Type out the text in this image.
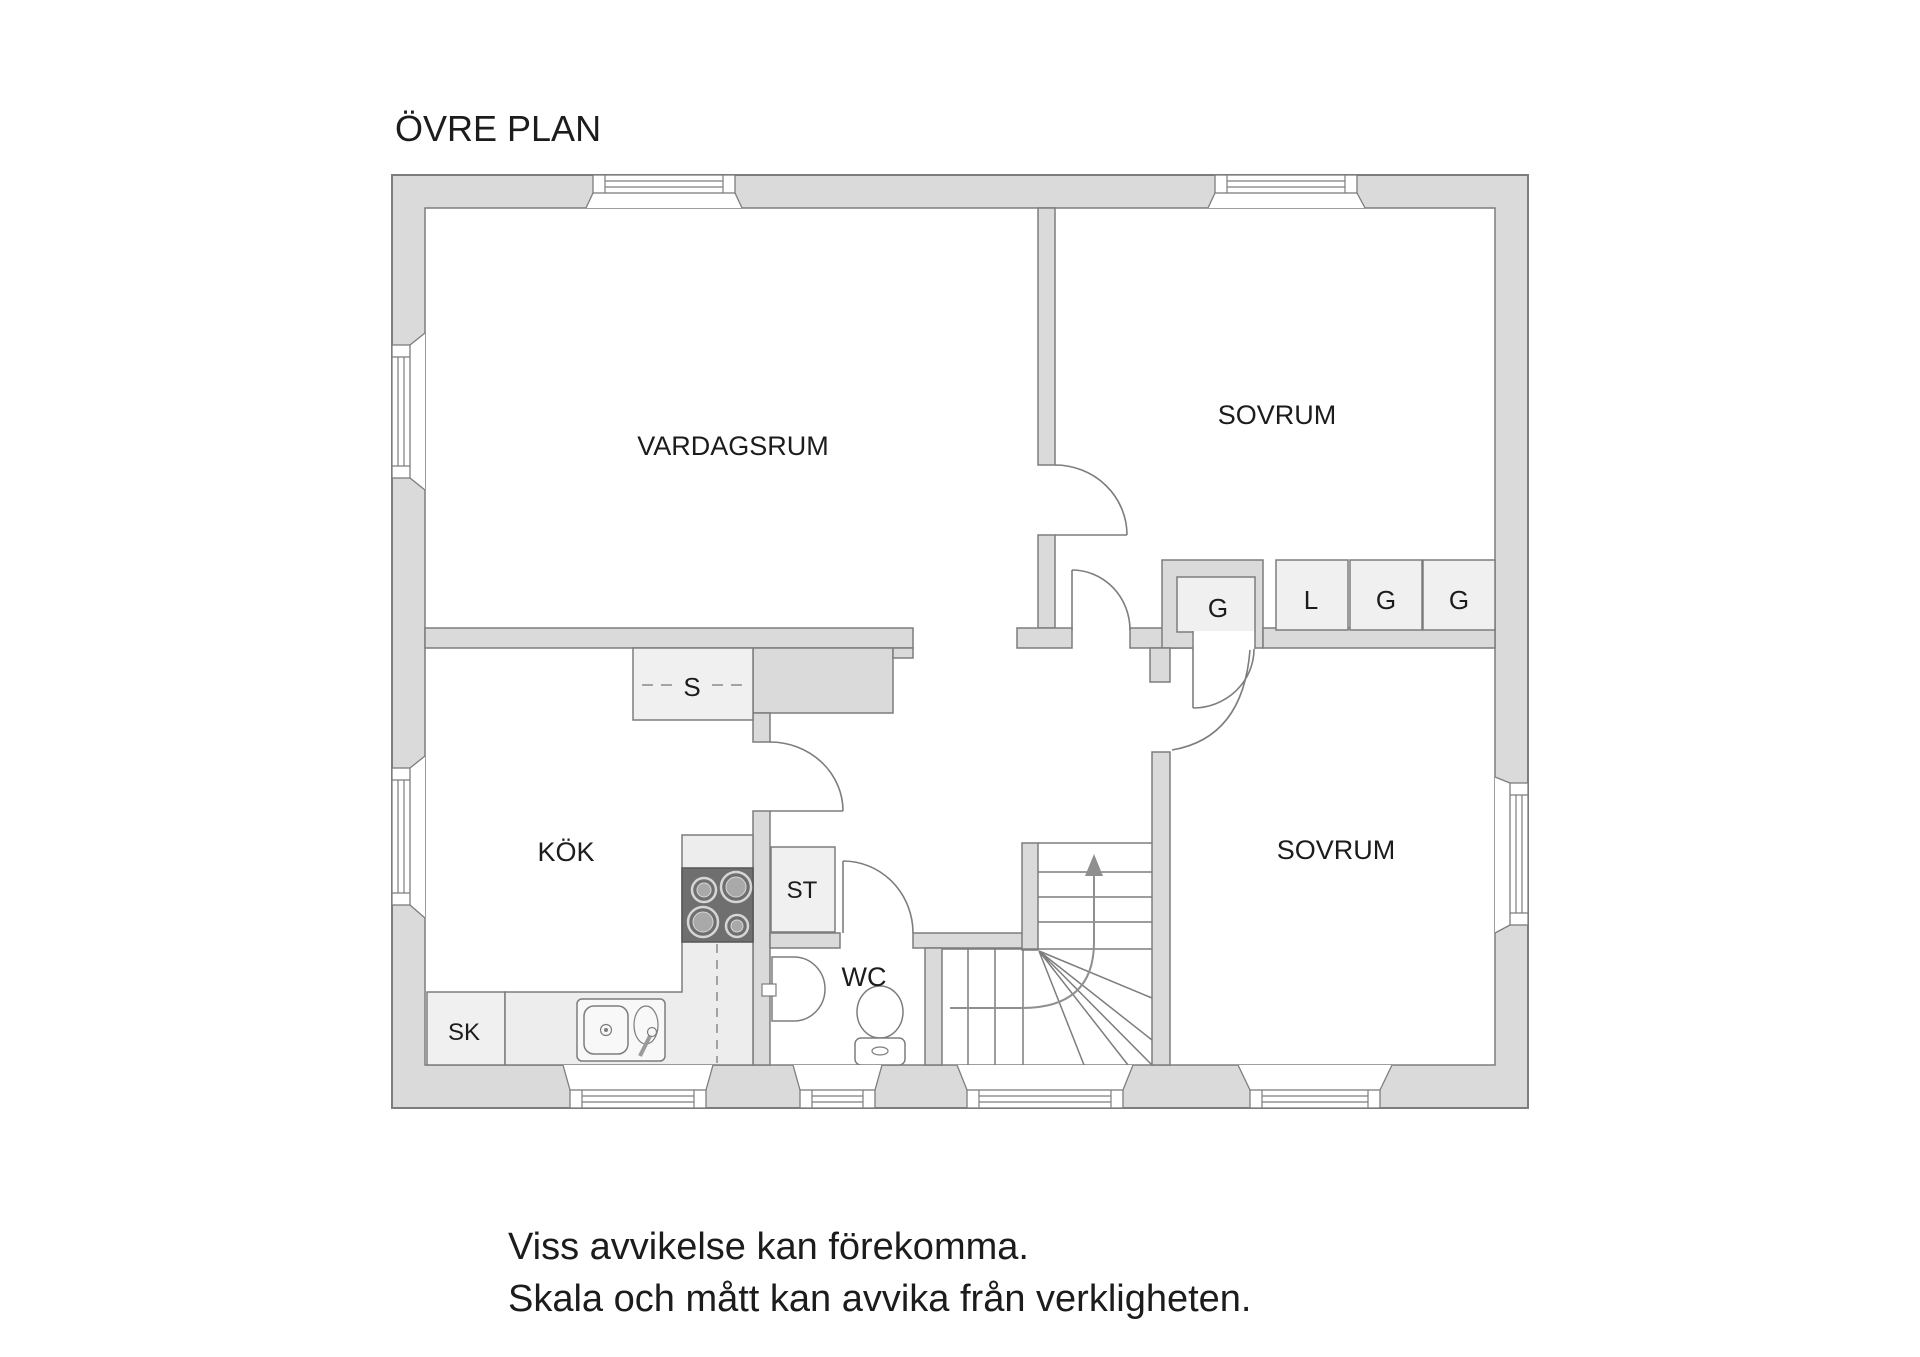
ÖVRE PLAN
VARDAGSRUM
SOVRUM
SOVRUM
KÖK
WC
ST
SK
S
G	L G G
Viss avvikelse kan förekomma.
Skala och mått kan avvika från verkligheten.
